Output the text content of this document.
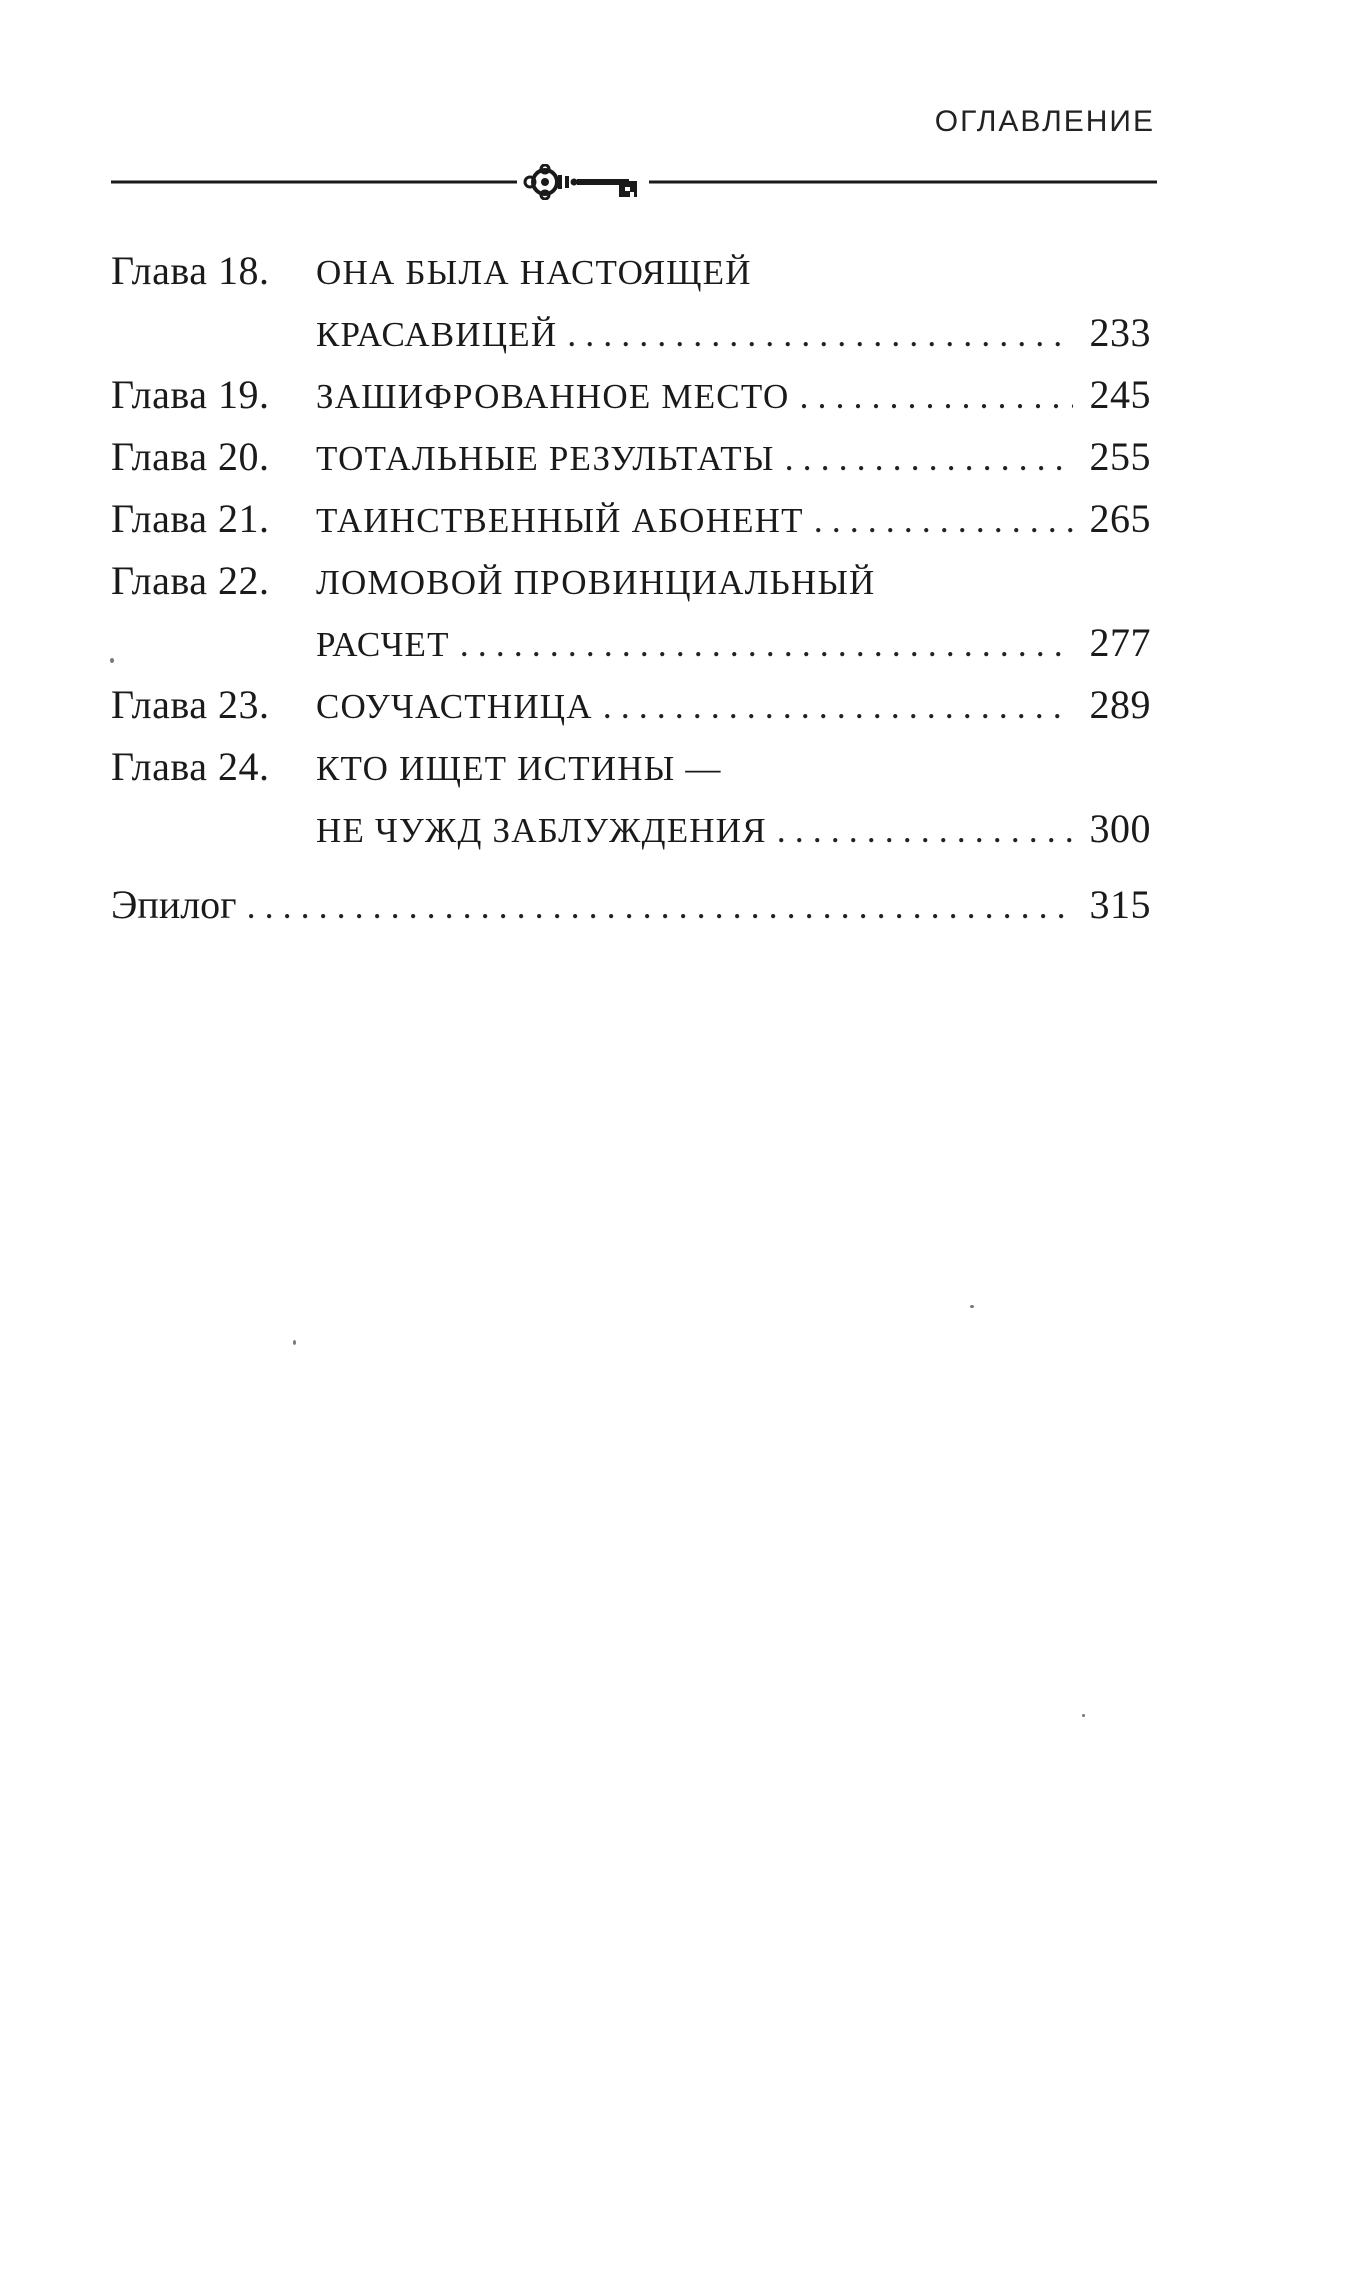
ОГЛАВЛЕНИЕ
Глава 18.	ОНА БЫЛА НАСТОЯЩЕЙ
КРАСАВИЦЕЙ . . .	233
Глава 19.	ЗАШИФРОВАННОЕ МЕСТО . . .	245
Глава 20.	ТОТАЛЬНЫЕ РЕЗУЛЬТАТЫ . . .	255
Глава 21.	ТАИНСТВЕННЫЙ АБОНЕНТ . . .	265
Глава 22.	ЛОМОВОЙ ПРОВИНЦИАЛЬНЫЙ
РАСЧЕТ . . .	277
Глава 23.	СОУЧАСТНИЦА . . .	289
Глава 24.	КТО ИЩЕТ ИСТИНЫ —
НЕ ЧУЖД ЗАБЛУЖДЕНИЯ . . .	300
Эпилог . . .	315
